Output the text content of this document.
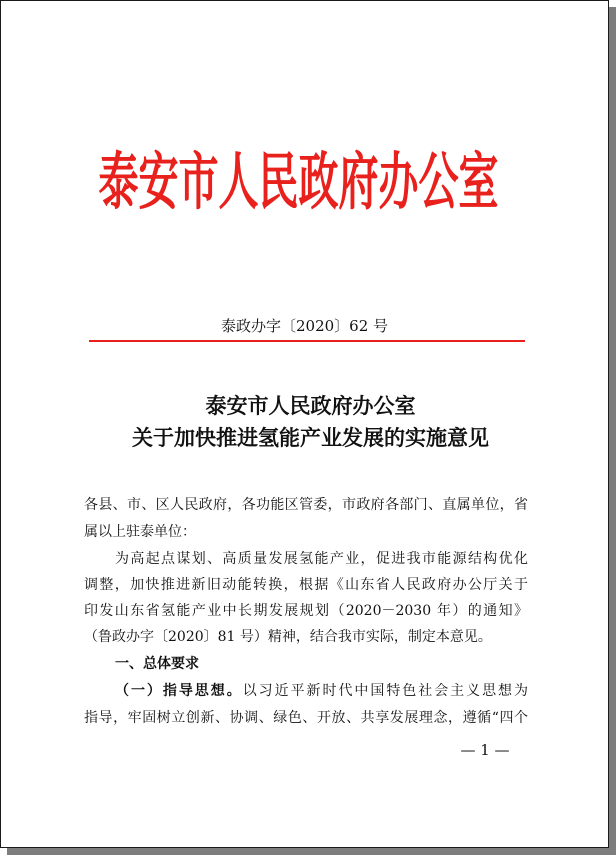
泰安市人民政府办公室
泰政办字〔2020〕62 号
泰安市人民政府办公室
关于加快推进氢能产业发展的实施意见
各县、市、区人民政府，各功能区管委，市政府各部门、直属单位，省
属以上驻泰单位：
为高起点谋划、高质量发展氢能产业，促进我市能源结构优化
调整，加快推进新旧动能转换，根据《山东省人民政府办公厅关于
印发山东省氢能产业中长期发展规划（2020－2030 年）的通知》
（鲁政办字〔2020〕81 号）精神，结合我市实际，制定本意见。
一、总体要求
（一）指导思想。以习近平新时代中国特色社会主义思想为
指导，牢固树立创新、协调、绿色、开放、共享发展理念，遵循“四个
— 1 —
